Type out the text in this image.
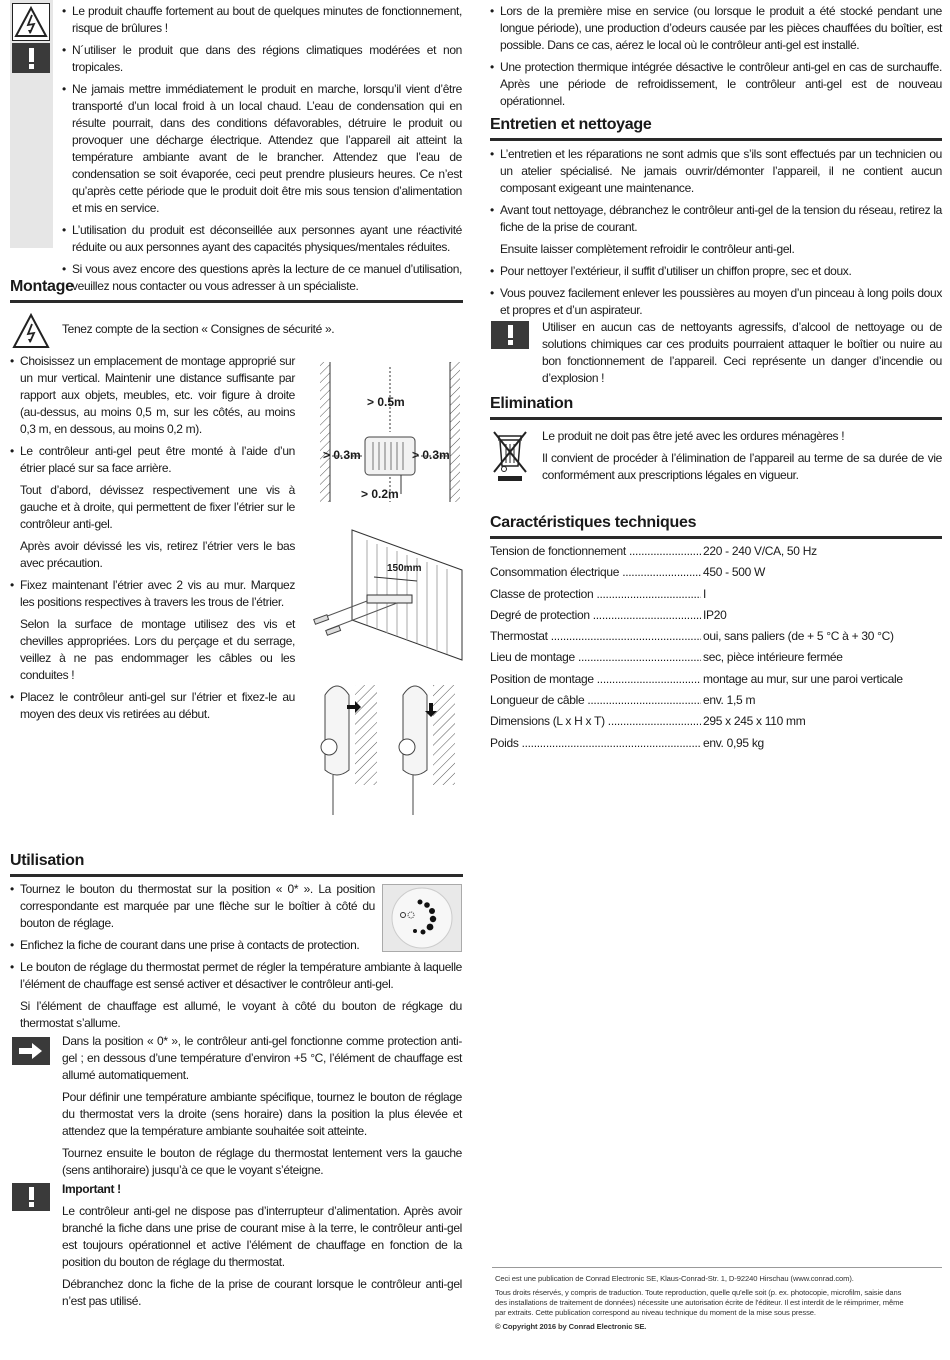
• Le produit chauffe fortement au bout de quelques minutes de fonctionnement, risque de brûlures !
• N´utiliser le produit que dans des régions climatiques modérées et non tropicales.
• Ne jamais mettre immédiatement le produit en marche, lorsqu’il vient d’être transporté d’un local froid à un local chaud. L’eau de condensation qui en résulte pourrait, dans des conditions défavorables, détruire le produit ou provoquer une décharge électrique. Attendez que l’appareil ait atteint la température ambiante avant de le brancher. Attendez que l’eau de condensation se soit évaporée, ceci peut prendre plusieurs heures. Ce n’est qu’après cette période que le produit doit être mis sous tension d’alimentation et mis en service.
• L’utilisation du produit est déconseillée aux personnes ayant une réactivité réduite ou aux personnes ayant des capacités physiques/mentales réduites.
• Si vous avez encore des questions après la lecture de ce manuel d’utilisation, veuillez nous contacter ou vous adresser à un spécialiste.
Montage
Tenez compte de la section « Consignes de sécurité ».
• Choisissez un emplacement de montage approprié sur un mur vertical. Maintenir une distance suffisante par rapport aux objets, meubles, etc. voir figure à droite (au-dessus, au moins 0,5 m, sur les côtés, au moins 0,3 m, en dessous, au moins 0,2 m).
• Le contrôleur anti-gel peut être monté à l’aide d’un étrier placé sur sa face arrière.

Tout d’abord, dévissez respectivement une vis à gauche et à droite, qui permettent de fixer l’étrier sur le contrôleur anti-gel.

Après avoir dévissé les vis, retirez l’étrier vers le bas avec précaution.

• Fixez maintenant l’étrier avec 2 vis au mur. Marquez les positions respectives à travers les trous de l’étrier.

Selon la surface de montage utilisez des vis et chevilles appropriées. Lors du perçage et du serrage, veillez à ne pas endommager les câbles ou les conduites !

• Placez le contrôleur anti-gel sur l’étrier et fixez-le au moyen des deux vis retirées au début.
> 0.5m
> 0.3m	> 0.3m
> 0.2m
150mm
• Lors de la première mise en service (ou lorsque le produit a été stocké pendant une longue période), une production d’odeurs causée par les pièces chauffées du boîtier, est possible. Dans ce cas, aérez le local où le contrôleur anti-gel est installé.
• Une protection thermique intégrée désactive le contrôleur anti-gel en cas de surchauffe. Après une période de refroidissement, le contrôleur anti-gel est de nouveau opérationnel.
Entretien et nettoyage
• L’entretien et les réparations ne sont admis que s’ils sont effectués par un technicien ou un atelier spécialisé. Ne jamais ouvrir/démonter l’appareil, il ne contient aucun composant exigeant une maintenance.
• Avant tout nettoyage, débranchez le contrôleur anti-gel de la tension du réseau, retirez la fiche de la prise de courant.

Ensuite laisser complètement refroidir le contrôleur anti-gel.

• Pour nettoyer l’extérieur, il suffit d’utiliser un chiffon propre, sec et doux.
• Vous pouvez facilement enlever les poussières au moyen d’un pinceau à long poils doux et propres et d’un aspirateur.
Utiliser en aucun cas de nettoyants agressifs, d’alcool de nettoyage ou de solutions chimiques car ces produits pourraient attaquer le boîtier ou nuire au bon fonctionnement de l’appareil. Ceci représente un danger d’incendie ou d’explosion !
Elimination

Le produit ne doit pas être jeté avec les ordures ménagères !

Il convient de procéder à l’élimination de l’appareil au terme de sa durée de vie conformément aux prescriptions légales en vigueur.

Caractéristiques techniques
Tension de fonctionnement .....	220 - 240 V/CA, 50 Hz
Consommation électrique .....	450 - 500 W
Classe de protection .....	I
Degré de protection .....	IP20
Thermostat .....	oui, sans paliers (de + 5 °C à + 30 °C)
Lieu de montage .....	sec, pièce intérieure fermée
Position de montage .....	montage au mur, sur une paroi verticale
Longueur de câble .....	env. 1,5 m
Dimensions (L x H x T) .....	295 x 245 x 110 mm
Poids .....	env. 0,95 kg
Utilisation
• Tournez le bouton du thermostat sur la position « 0* ». La position correspondante est marquée par une flèche sur le boîtier à côté du bouton de réglage.
• Enfichez la fiche de courant dans une prise à contacts de protection.
• Le bouton de réglage du thermostat permet de régler la température ambiante à laquelle l’élément de chauffage est sensé activer et désactiver le contrôleur anti-gel.

Si l’élément de chauffage est allumé, le voyant à côté du bouton de régkage du thermostat s’allume.

Dans la position « 0* », le contrôleur anti-gel fonctionne comme protection anti-gel ; en dessous d’une température d’environ +5 °C, l’élément de chauffage est allumé automatiquement.

Pour définir une température ambiante spécifique, tournez le bouton de réglage du thermostat vers la droite (sens horaire) dans la position la plus élevée et attendez que la température ambiante souhaitée soit atteinte.

Tournez ensuite le bouton de réglage du thermostat lentement vers la gauche (sens antihoraire) jusqu’à ce que le voyant s’éteigne.

Important !

Le contrôleur anti-gel ne dispose pas d’interrupteur d’alimentation. Après avoir branché la fiche dans une prise de courant mise à la terre, le contrôleur anti-gel est toujours opérationnel et active l’élément de chauffage en fonction de la position du bouton de réglage du thermostat.

Débranchez donc la fiche de la prise de courant lorsque le contrôleur anti-gel n’est pas utilisé.

Ceci est une publication de Conrad Electronic SE, Klaus-Conrad-Str. 1, D-92240 Hirschau (www.conrad.com).

Tous droits réservés, y compris de traduction. Toute reproduction, quelle qu'elle soit (p. ex. photocopie, microfilm, saisie dans des installations de traitement de données) nécessite une autorisation écrite de l'éditeur. Il est interdit de le réimprimer, même par extraits. Cette publication correspond au niveau technique du moment de la mise sous presse.

© Copyright 2016 by Conrad Electronic SE.
